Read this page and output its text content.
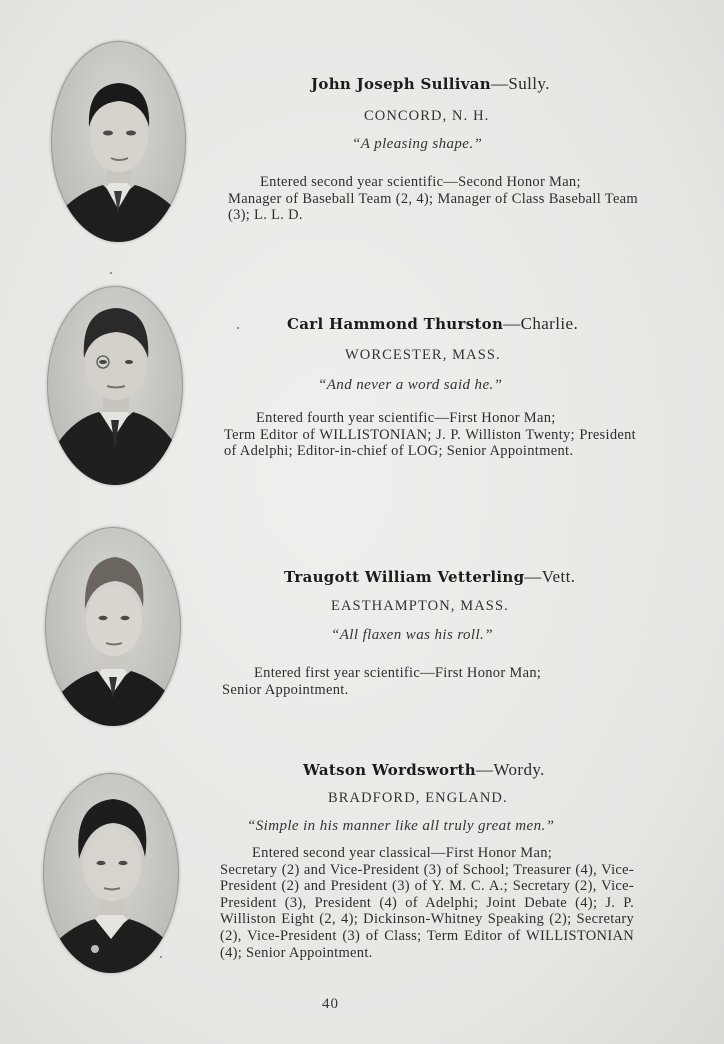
John Joseph Sullivan—Sully.
CONCORD, N. H.
“A pleasing shape.”
Entered second year scientific—Second Honor Man;
Manager of Baseball Team (2, 4); Manager of Class Baseball Team (3); L. L. D.
Carl Hammond Thurston—Charlie.
WORCESTER, MASS.
“And never a word said he.”
Entered fourth year scientific—First Honor Man;
Term Editor of WILLISTONIAN; J. P. Williston Twenty; President of Adelphi; Editor-in-chief of LOG; Senior Appointment.
Traugott William Vetterling—Vett.
EASTHAMPTON, MASS.
“All flaxen was his roll.”
Entered first year scientific—First Honor Man;
Senior Appointment.
Watson Wordsworth—Wordy.
BRADFORD, ENGLAND.
“Simple in his manner like all truly great men.”
Entered second year classical—First Honor Man;
Secretary (2) and Vice-President (3) of School; Treasurer (4), Vice-President (2) and President (3) of Y. M. C. A.; Secretary (2), Vice-President (3), President (4) of Adelphi; Joint Debate (4); J. P. Williston Eight (2, 4); Dickinson-Whitney Speaking (2); Secretary (2), Vice-President (3) of Class; Term Editor of WILLISTONIAN (4); Senior Appointment.
40
